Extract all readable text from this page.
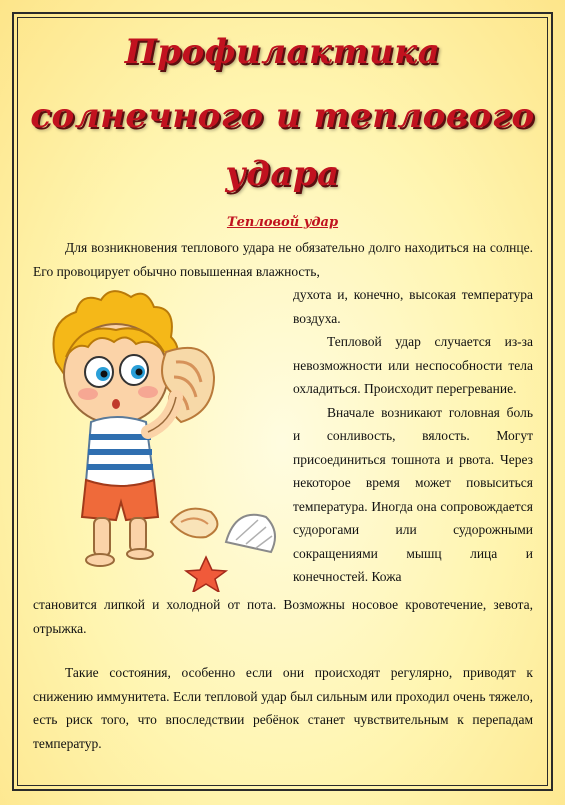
Профилактика
солнечного и теплового
удара
Тепловой удар

Для возникновения теплового удара не обязательно долго находиться на солнце. Его провоцирует обычно повышенная влажность,

духота и, конечно, высокая температура воздуха.

Тепловой удар случается из-за невозможности или неспособности тела охладиться. Происходит перегревание.

Вначале возникают головная боль и сонливость, вялость. Могут присоединиться тошнота и рвота. Через некоторое время может повыситься температура. Иногда она сопровождается судорогами или судорожными сокращениями мышц лица и конечностей. Кожа

становится липкой и холодной от пота. Возможны носовое кровотечение, зевота, отрыжка.

Такие состояния, особенно если они происходят регулярно, приводят к снижению иммунитета. Если тепловой удар был сильным или проходил очень тяжело, есть риск того, что впоследствии ребёнок станет чувствительным к перепадам температур.
